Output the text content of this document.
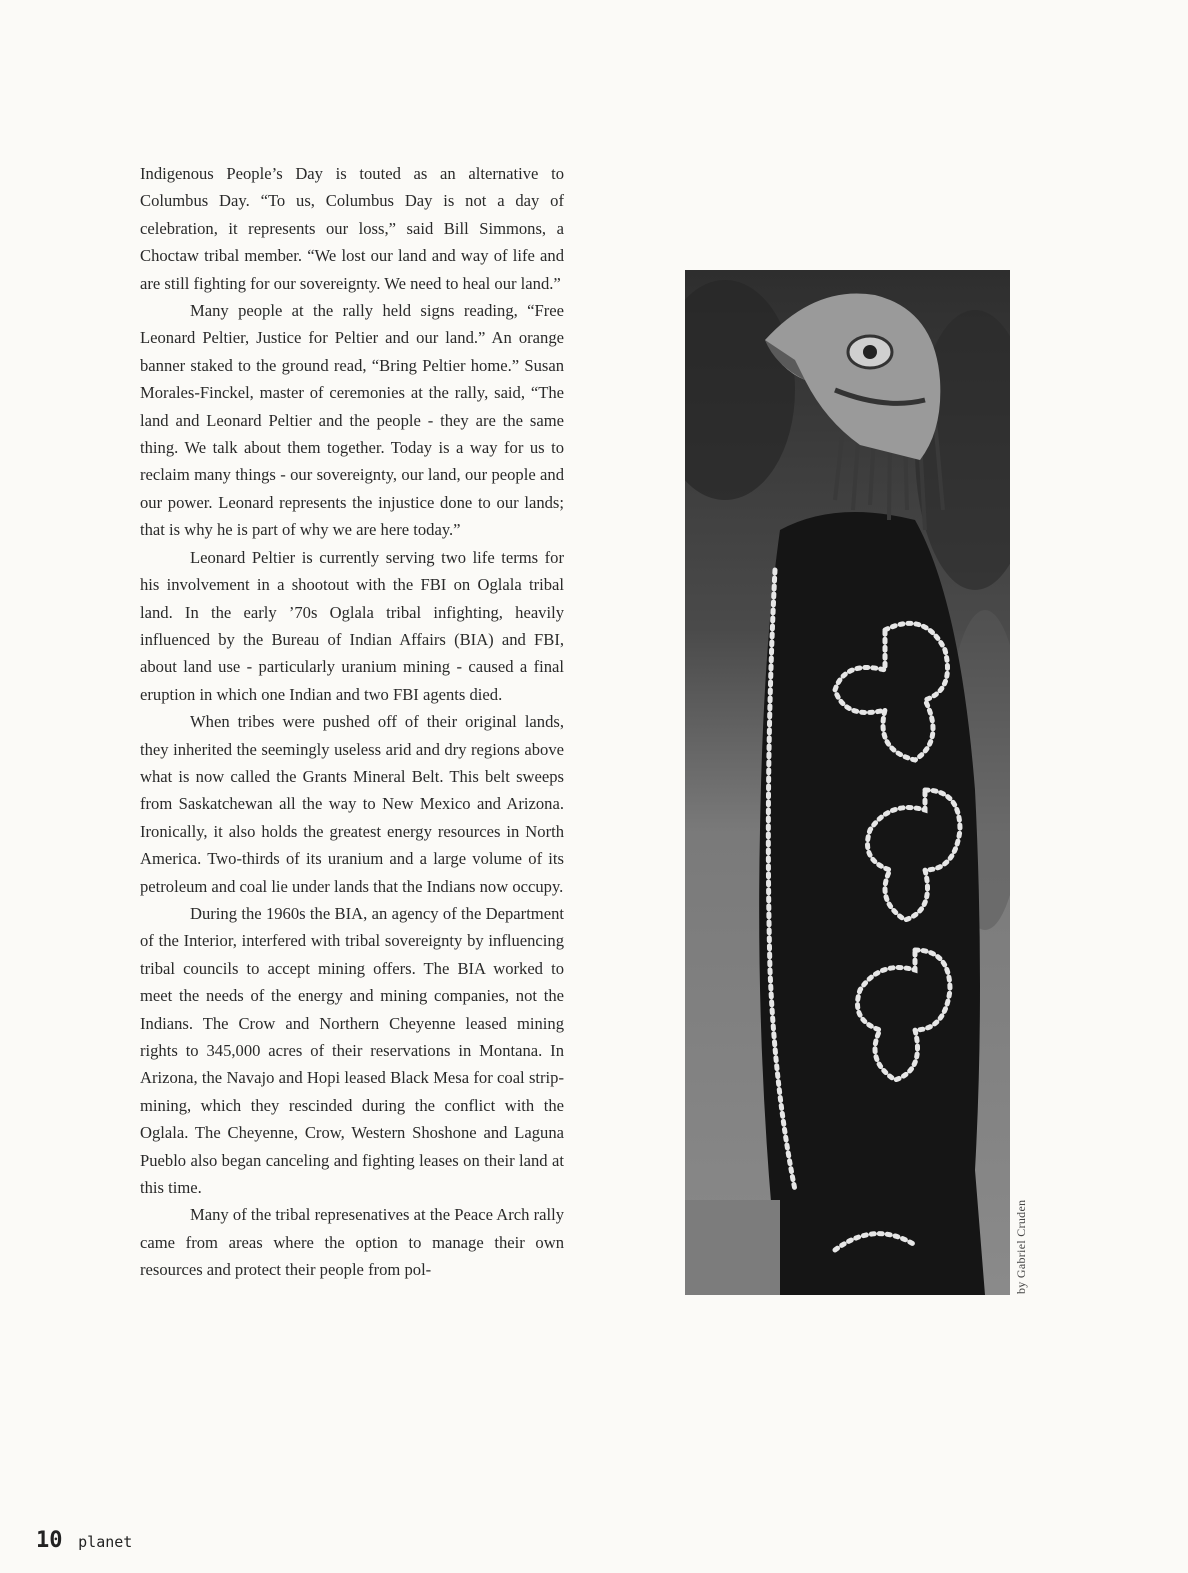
Indigenous People’s Day is touted as an alternative to Columbus Day. “To us, Columbus Day is not a day of celebration, it represents our loss,” said Bill Simmons, a Choctaw tribal member. “We lost our land and way of life and are still fighting for our sovereignty. We need to heal our land.”

Many people at the rally held signs reading, “Free Leonard Peltier, Justice for Peltier and our land.” An orange banner staked to the ground read, “Bring Peltier home.” Susan Morales-Finckel, master of ceremonies at the rally, said, “The land and Leonard Peltier and the people - they are the same thing. We talk about them together. Today is a way for us to reclaim many things - our sovereignty, our land, our people and our power. Leonard represents the injustice done to our lands; that is why he is part of why we are here today.”

Leonard Peltier is currently serving two life terms for his involvement in a shootout with the FBI on Oglala tribal land. In the early ’70s Oglala tribal infighting, heavily influenced by the Bureau of Indian Affairs (BIA) and FBI, about land use - particularly uranium mining - caused a final eruption in which one Indian and two FBI agents died.

When tribes were pushed off of their original lands, they inherited the seemingly useless arid and dry regions above what is now called the Grants Mineral Belt. This belt sweeps from Saskatchewan all the way to New Mexico and Arizona. Ironically, it also holds the greatest energy resources in North America. Two-thirds of its uranium and a large volume of its petroleum and coal lie under lands that the Indians now occupy.

During the 1960s the BIA, an agency of the Department of the Interior, interfered with tribal sovereignty by influencing tribal councils to accept mining offers. The BIA worked to meet the needs of the energy and mining companies, not the Indians. The Crow and Northern Cheyenne leased mining rights to 345,000 acres of their reservations in Montana. In Arizona, the Navajo and Hopi leased Black Mesa for coal strip-mining, which they rescinded during the conflict with the Oglala. The Cheyenne, Crow, Western Shoshone and Laguna Pueblo also began canceling and fighting leases on their land at this time.

Many of the tribal represenatives at the Peace Arch rally came from areas where the option to manage their own resources and protect their people from pol-	by Gabriel Cruden
10 planet
